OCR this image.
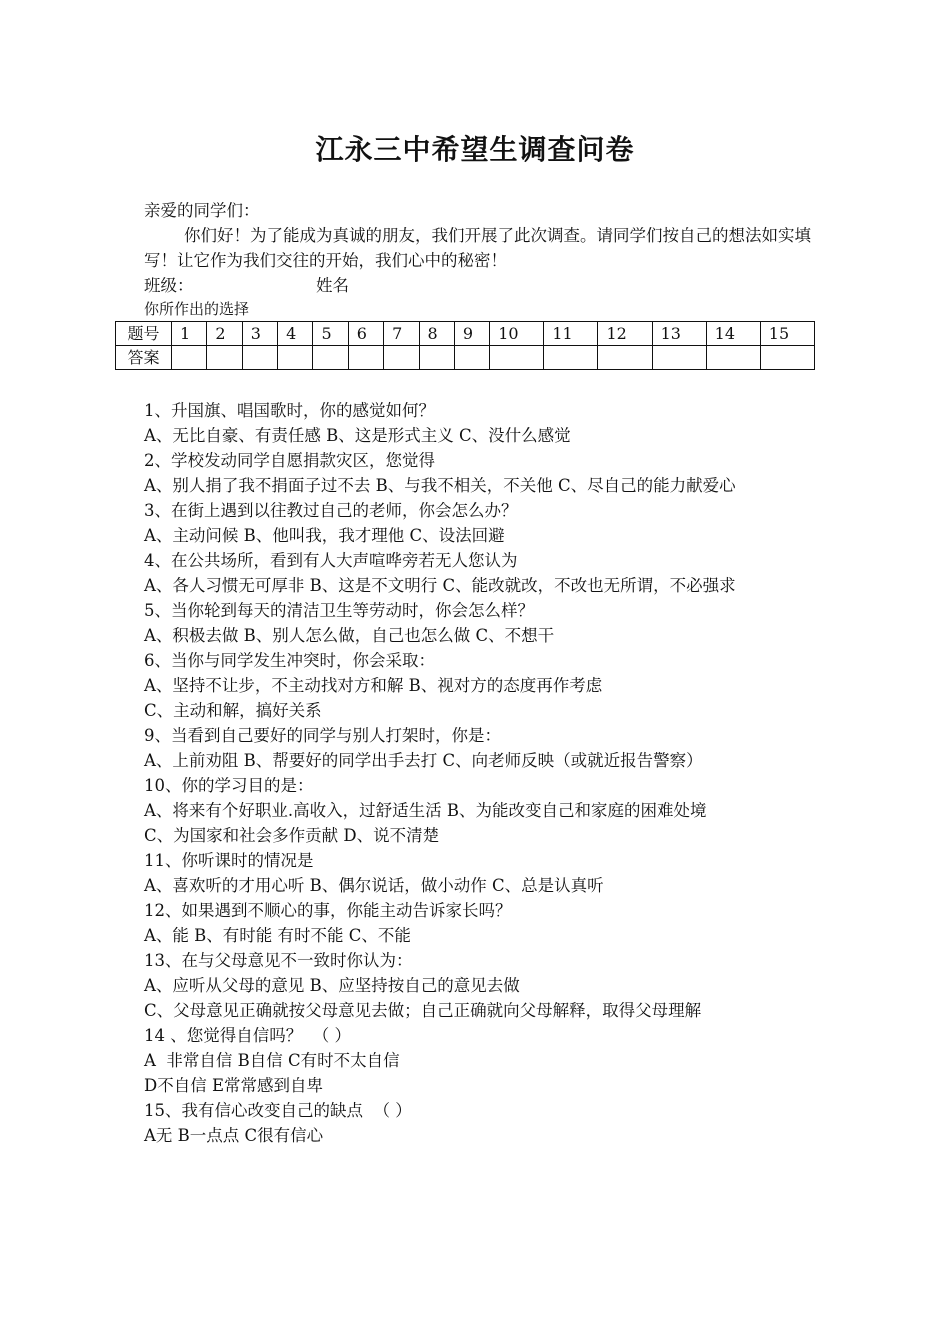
江永三中希望生调查问卷
亲爱的同学们：
你们好！为了能成为真诚的朋友，我们开展了此次调查。请同学们按自己的想法如实填写！让它作为我们交往的开始，我们心中的秘密！
班级：	姓名
你所作出的选择
题号	1	2	3	4	5	6	7	8	9	10	11	12	13	14	15
答案															
1、升国旗、唱国歌时，你的感觉如何？
A、无比自豪、有责任感 B、这是形式主义 C、没什么感觉
2、学校发动同学自愿捐款灾区，您觉得
A、别人捐了我不捐面子过不去 B、与我不相关，不关他 C、尽自己的能力献爱心
3、在街上遇到以往教过自己的老师，你会怎么办？
A、主动问候 B、他叫我，我才理他 C、设法回避
4、在公共场所，看到有人大声喧哗旁若无人您认为
A、各人习惯无可厚非 B、这是不文明行 C、能改就改，不改也无所谓，不必强求
5、当你轮到每天的清洁卫生等劳动时，你会怎么样？
A、积极去做 B、别人怎么做，自己也怎么做 C、不想干
6、当你与同学发生冲突时，你会采取：
A、坚持不让步，不主动找对方和解 B、视对方的态度再作考虑
C、主动和解，搞好关系
9、当看到自己要好的同学与别人打架时，你是：
A、上前劝阻 B、帮要好的同学出手去打 C、向老师反映（或就近报告警察）
10、你的学习目的是：
A、将来有个好职业.高收入，过舒适生活 B、为能改变自己和家庭的困难处境
C、为国家和社会多作贡献 D、说不清楚
11、你听课时的情况是
A、喜欢听的才用心听 B、偶尔说话，做小动作 C、总是认真听
12、如果遇到不顺心的事，你能主动告诉家长吗？
A、能 B、有时能 有时不能 C、不能
13、在与父母意见不一致时你认为：
A、应听从父母的意见 B、应坚持按自己的意见去做
C、父母意见正确就按父母意见去做；自己正确就向父母解释，取得父母理解
14 、您觉得自信吗？  （ ）
A  非常自信 B自信 C有时不太自信
D不自信 E常常感到自卑
15、我有信心改变自己的缺点  （ ）
A无 B一点点 C很有信心
